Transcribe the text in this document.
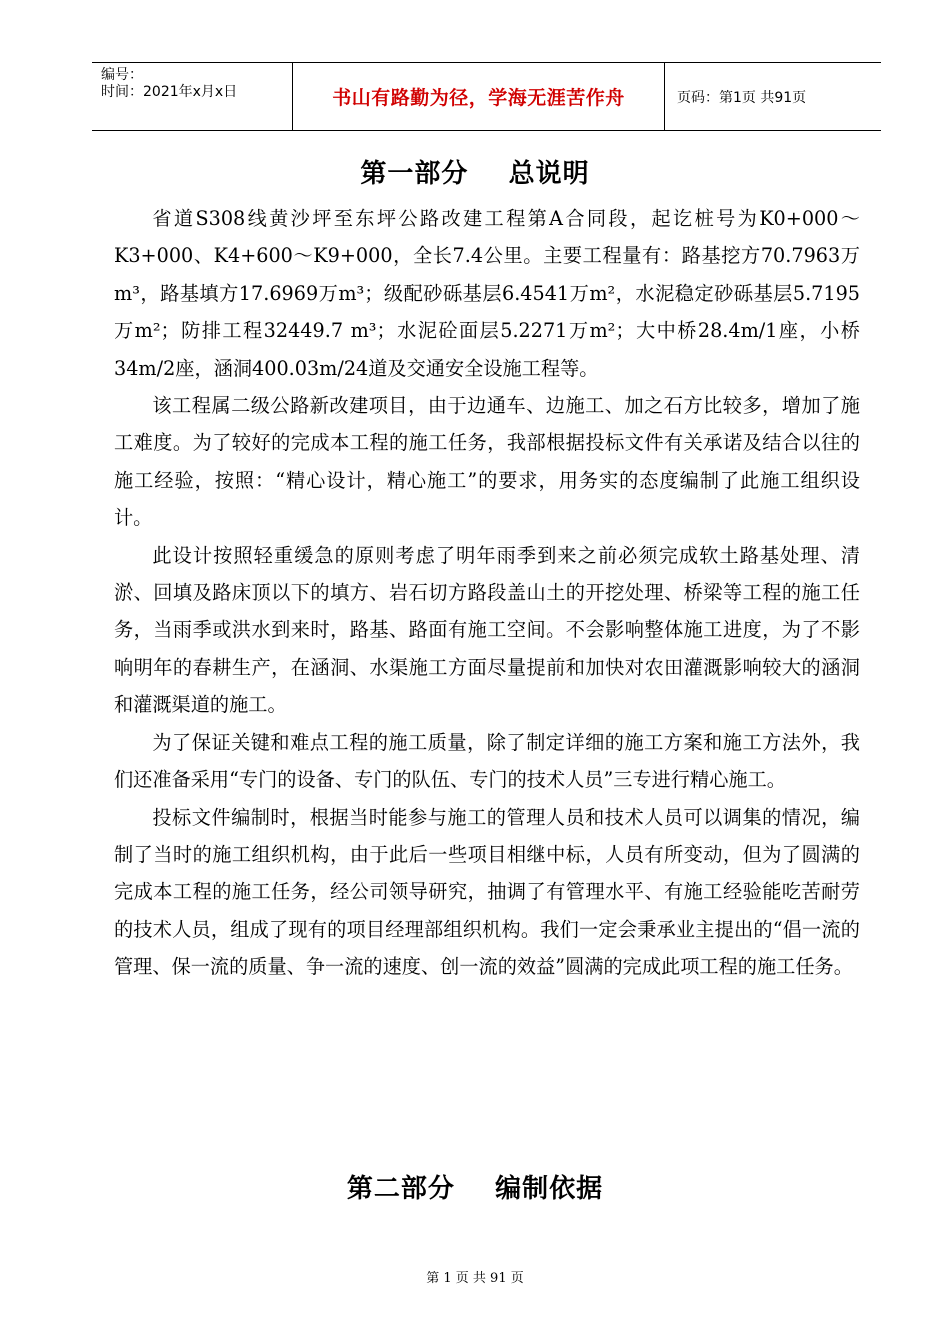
编号：
时间：2021年x月x日	书山有路勤为径，学海无涯苦作舟	页码：第1页 共91页
第一部分    总说明

省道S308线黄沙坪至东坪公路改建工程第A合同段，起讫桩号为K0+000～K3+000、K4+600～K9+000，全长7.4公里。主要工程量有：路基挖方70.7963万m³，路基填方17.6969万m³；级配砂砾基层6.4541万m²，水泥稳定砂砾基层5.7195万m²；防排工程32449.7 m³；水泥砼面层5.2271万m²；大中桥28.4m/1座，小桥34m/2座，涵洞400.03m/24道及交通安全设施工程等。

该工程属二级公路新改建项目，由于边通车、边施工、加之石方比较多，增加了施工难度。为了较好的完成本工程的施工任务，我部根据投标文件有关承诺及结合以往的施工经验，按照：“精心设计，精心施工”的要求，用务实的态度编制了此施工组织设计。

此设计按照轻重缓急的原则考虑了明年雨季到来之前必须完成软土路基处理、清淤、回填及路床顶以下的填方、岩石切方路段盖山土的开挖处理、桥梁等工程的施工任务，当雨季或洪水到来时，路基、路面有施工空间。不会影响整体施工进度，为了不影响明年的春耕生产，在涵洞、水渠施工方面尽量提前和加快对农田灌溉影响较大的涵洞和灌溉渠道的施工。

为了保证关键和难点工程的施工质量，除了制定详细的施工方案和施工方法外，我们还准备采用“专门的设备、专门的队伍、专门的技术人员”三专进行精心施工。

投标文件编制时，根据当时能参与施工的管理人员和技术人员可以调集的情况，编制了当时的施工组织机构，由于此后一些项目相继中标，人员有所变动，但为了圆满的完成本工程的施工任务，经公司领导研究，抽调了有管理水平、有施工经验能吃苦耐劳的技术人员，组成了现有的项目经理部组织机构。我们一定会秉承业主提出的“倡一流的管理、保一流的质量、争一流的速度、创一流的效益”圆满的完成此项工程的施工任务。

第二部分    编制依据
第 1 页 共 91 页
